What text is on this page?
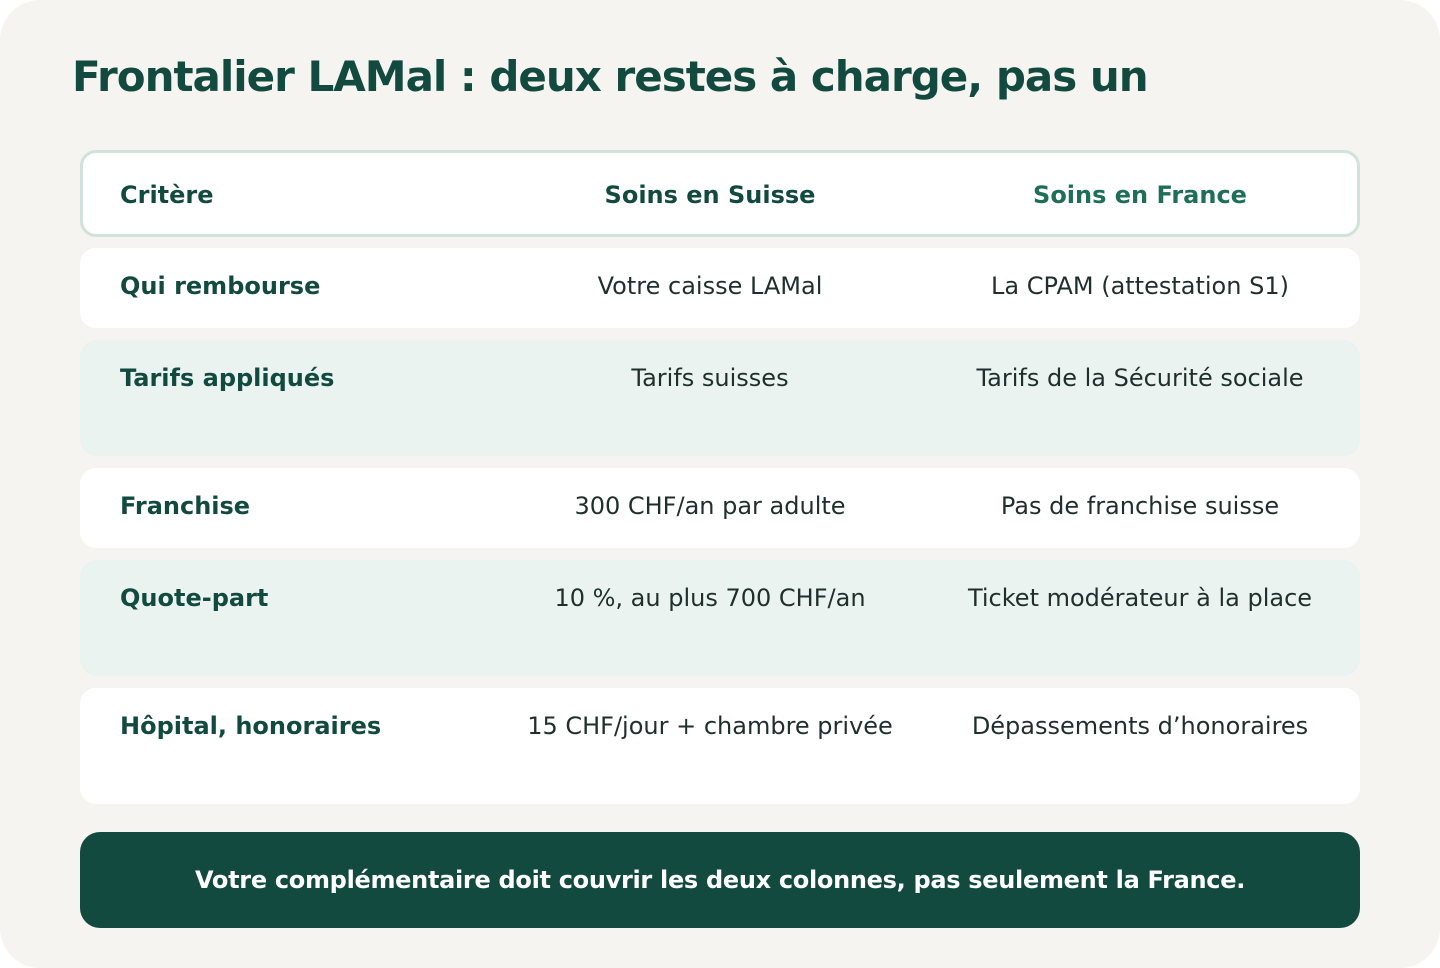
Frontalier LAMal : deux restes à charge, pas un
Critère	Soins en Suisse	Soins en France
Qui rembourse	Votre caisse LAMal	La CPAM (attestation S1)
Tarifs appliqués	Tarifs suisses	Tarifs de la Sécurité sociale
Franchise	300 CHF/an par adulte	Pas de franchise suisse
Quote-part	10 %, au plus 700 CHF/an	Ticket modérateur à la place
Hôpital, honoraires	15 CHF/jour + chambre privée	Dépassements d’honoraires
Votre complémentaire doit couvrir les deux colonnes, pas seulement la France.
